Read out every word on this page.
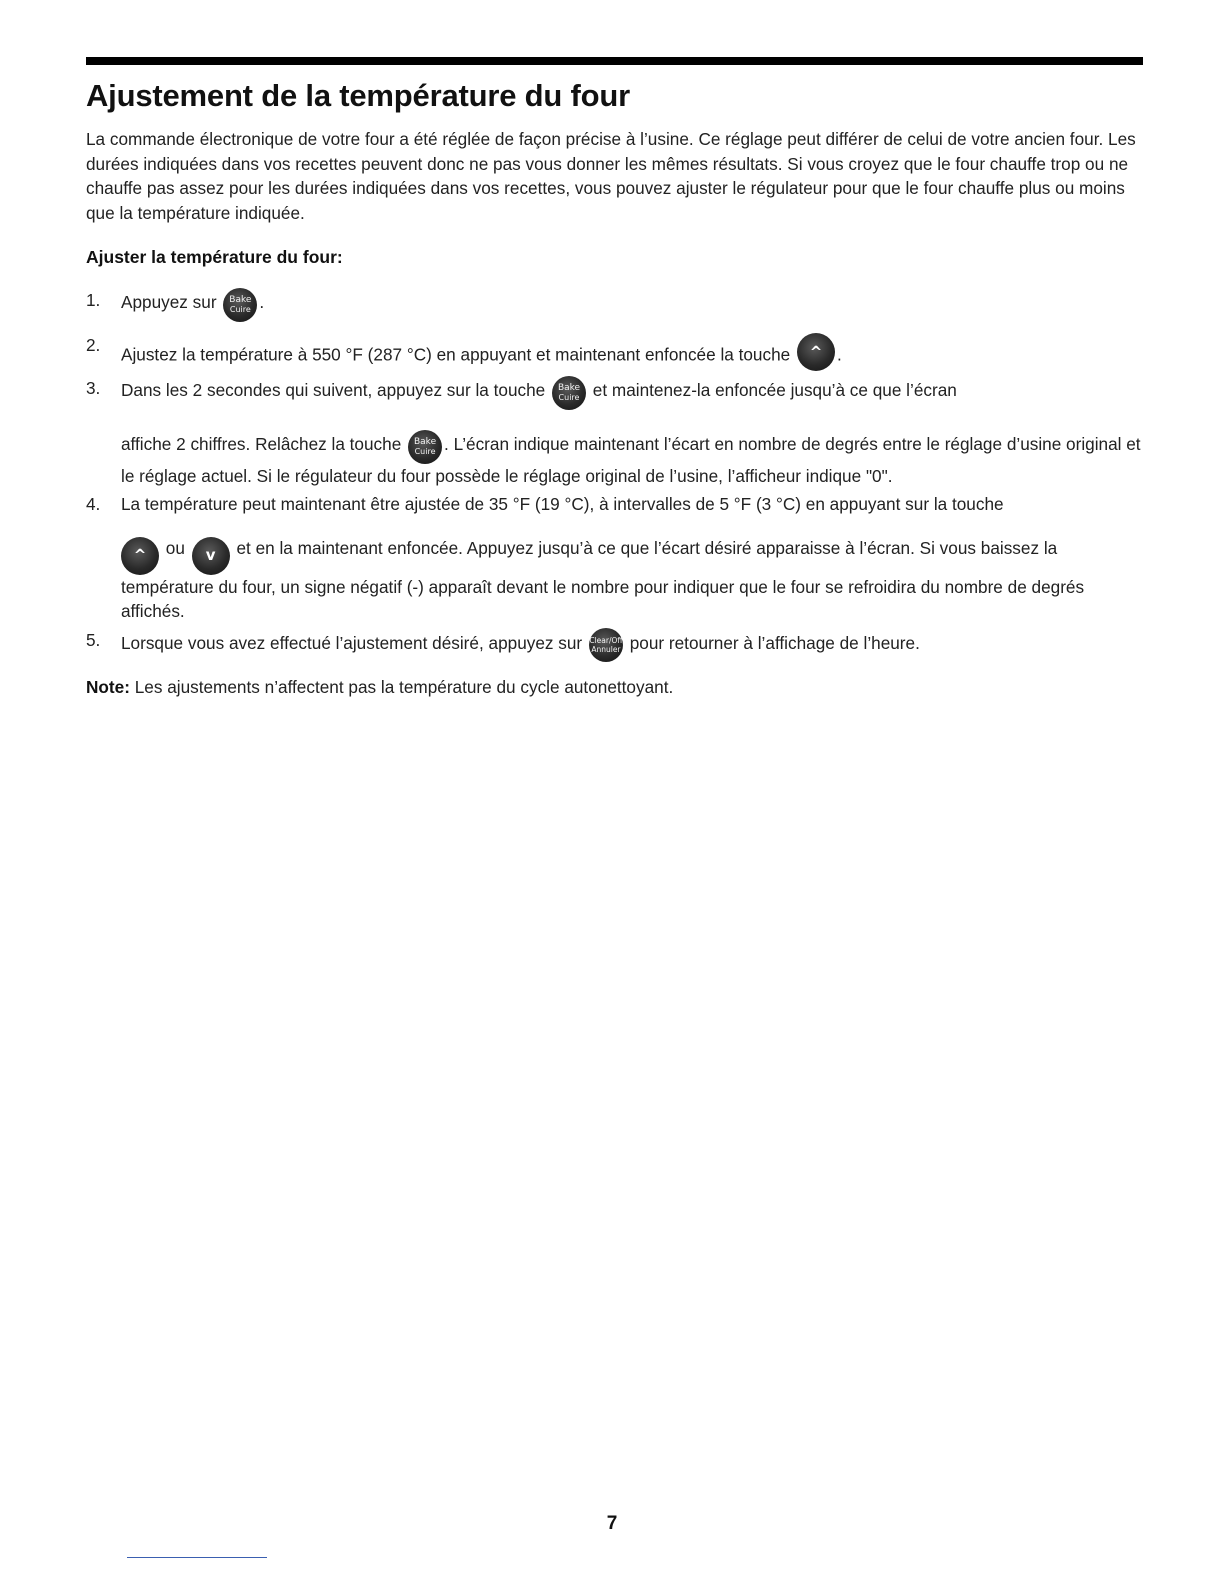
Ajustement de la température du four

La commande électronique de votre four a été réglée de façon précise à l’usine. Ce réglage peut différer de celui de votre ancien four. Les durées indiquées dans vos recettes peuvent donc ne pas vous donner les mêmes résultats. Si vous croyez que le four chauffe trop ou ne chauffe pas assez pour les durées indiquées dans vos recettes, vous pouvez ajuster le régulateur pour que le four chauffe plus ou moins que la température indiquée.

Ajuster la température du four:
1. Appuyez sur Bake
Cuire .

2. Ajustez la température à 550 °F (287 °C) en appuyant et maintenant enfoncée la touche ^ .

3. Dans les 2 secondes qui suivent, appuyez sur la touche Bake
Cuire et maintenez-la enfoncée jusqu’à ce que l’écran

affiche 2 chiffres. Relâchez la touche Bake
Cuire . L’écran indique maintenant l’écart en nombre de degrés entre le réglage d’usine original et le réglage actuel. Si le régulateur du four possède le réglage original de l’usine, l’afficheur indique "0".

4. La température peut maintenant être ajustée de 35 °F (19 °C), à intervalles de 5 °F (3 °C) en appuyant sur la touche

^ ou v et en la maintenant enfoncée. Appuyez jusqu’à ce que l’écart désiré apparaisse à l’écran. Si vous baissez la température du four, un signe négatif (-) apparaît devant le nombre pour indiquer que le four se refroidira du nombre de degrés affichés.

5. Lorsque vous avez effectué l’ajustement désiré, appuyez sur Clear/Off
Annuler pour retourner à l’affichage de l’heure.

Note: Les ajustements n’affectent pas la température du cycle autonettoyant.

7
